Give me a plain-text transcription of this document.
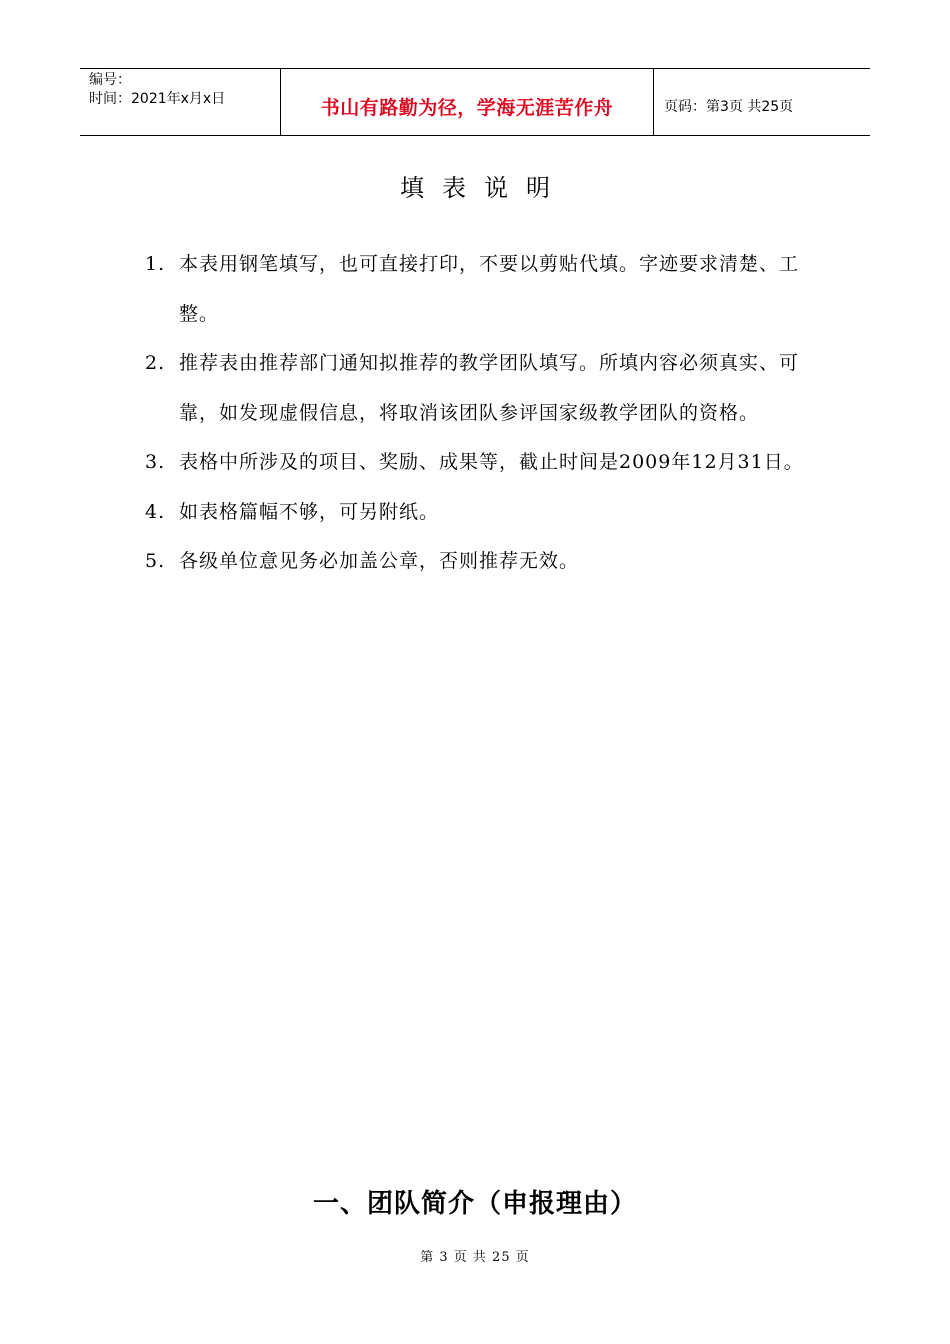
编号：
时间：2021年x月x日	书山有路勤为径，学海无涯苦作舟	页码：第3页 共25页
填表说明
1. 本表用钢笔填写，也可直接打印，不要以剪贴代填。字迹要求清楚、工整。
2. 推荐表由推荐部门通知拟推荐的教学团队填写。所填内容必须真实、可靠，如发现虚假信息，将取消该团队参评国家级教学团队的资格。
3. 表格中所涉及的项目、奖励、成果等，截止时间是2009年12月31日。
4. 如表格篇幅不够，可另附纸。
5. 各级单位意见务必加盖公章，否则推荐无效。
一、团队简介（申报理由）
第 3 页 共 25 页
